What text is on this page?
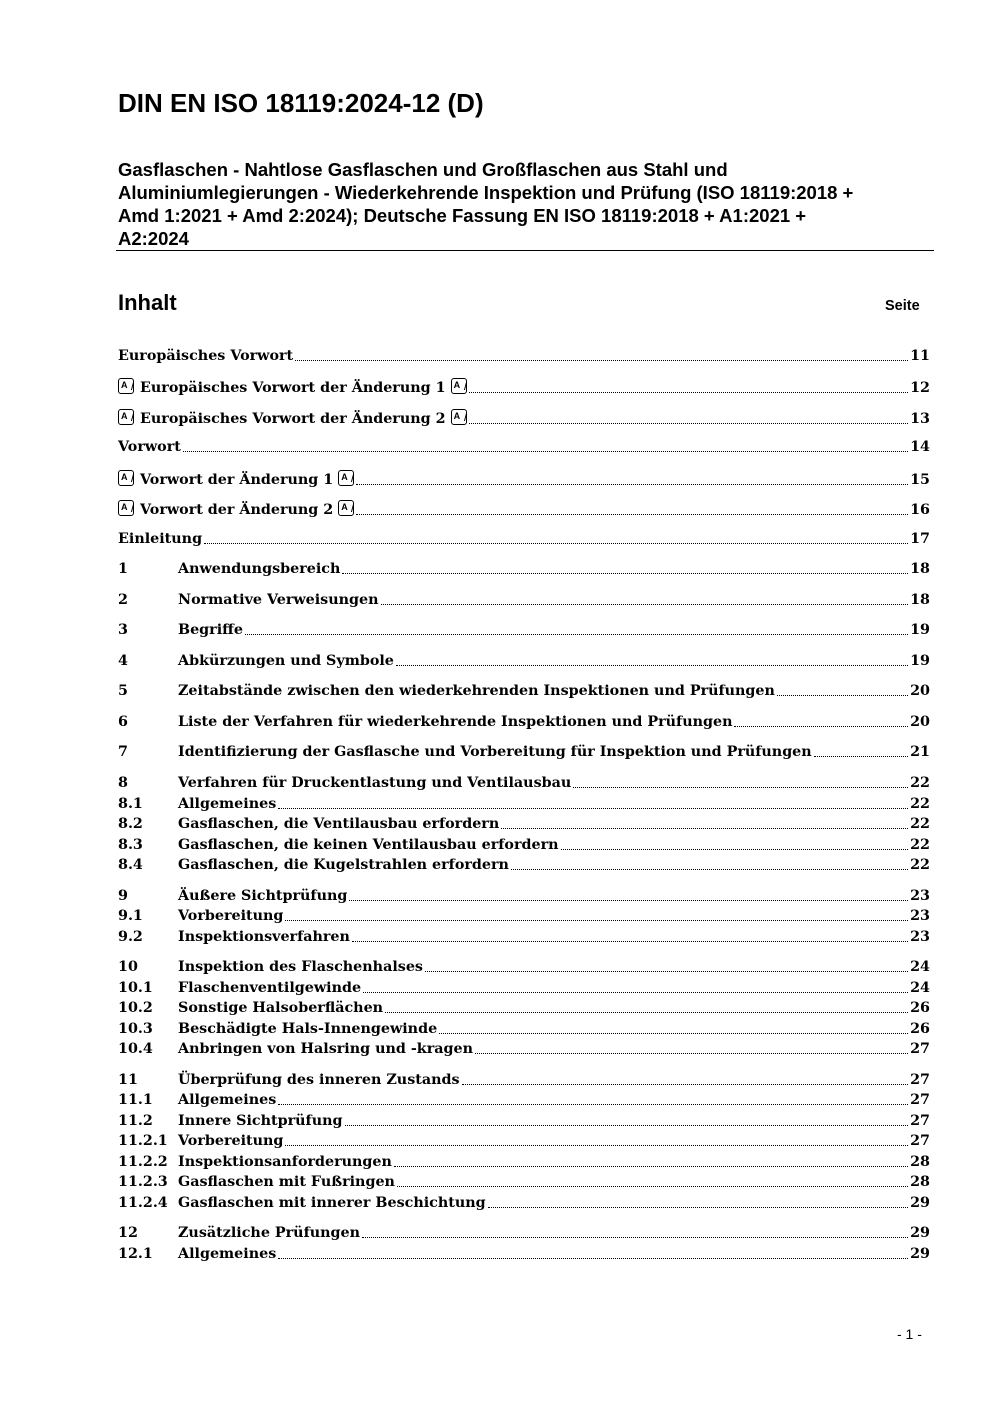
DIN EN ISO 18119:2024-12 (D)
Gasflaschen - Nahtlose Gasflaschen und Großflaschen aus Stahl und
Aluminiumlegierungen - Wiederkehrende Inspektion und Prüfung (ISO 18119:2018 +
Amd 1:2021 + Amd 2:2024); Deutsche Fassung EN ISO 18119:2018 + A1:2021 +
A2:2024
Inhalt	Seite
Europäisches Vorwort	11
A Europäisches Vorwort der Änderung 1 A	12
A Europäisches Vorwort der Änderung 2 A	13
Vorwort	14
A Vorwort der Änderung 1 A	15
A Vorwort der Änderung 2 A	16
Einleitung	17
1	Anwendungsbereich	18
2	Normative Verweisungen	18
3	Begriffe	19
4	Abkürzungen und Symbole	19
5	Zeitabstände zwischen den wiederkehrenden Inspektionen und Prüfungen	20
6	Liste der Verfahren für wiederkehrende Inspektionen und Prüfungen	20
7	Identifizierung der Gasflasche und Vorbereitung für Inspektion und Prüfungen	21
8	Verfahren für Druckentlastung und Ventilausbau	22
8.1	Allgemeines	22
8.2	Gasflaschen, die Ventilausbau erfordern	22
8.3	Gasflaschen, die keinen Ventilausbau erfordern	22
8.4	Gasflaschen, die Kugelstrahlen erfordern	22
9	Äußere Sichtprüfung	23
9.1	Vorbereitung	23
9.2	Inspektionsverfahren	23
10	Inspektion des Flaschenhalses	24
10.1	Flaschenventilgewinde	24
10.2	Sonstige Halsoberflächen	26
10.3	Beschädigte Hals-Innengewinde	26
10.4	Anbringen von Halsring und -kragen	27
11	Überprüfung des inneren Zustands	27
11.1	Allgemeines	27
11.2	Innere Sichtprüfung	27
11.2.1 Vorbereitung	27
11.2.2 Inspektionsanforderungen	28
11.2.3 Gasflaschen mit Fußringen	28
11.2.4 Gasflaschen mit innerer Beschichtung	29
12	Zusätzliche Prüfungen	29
12.1	Allgemeines	29
- 1 -
